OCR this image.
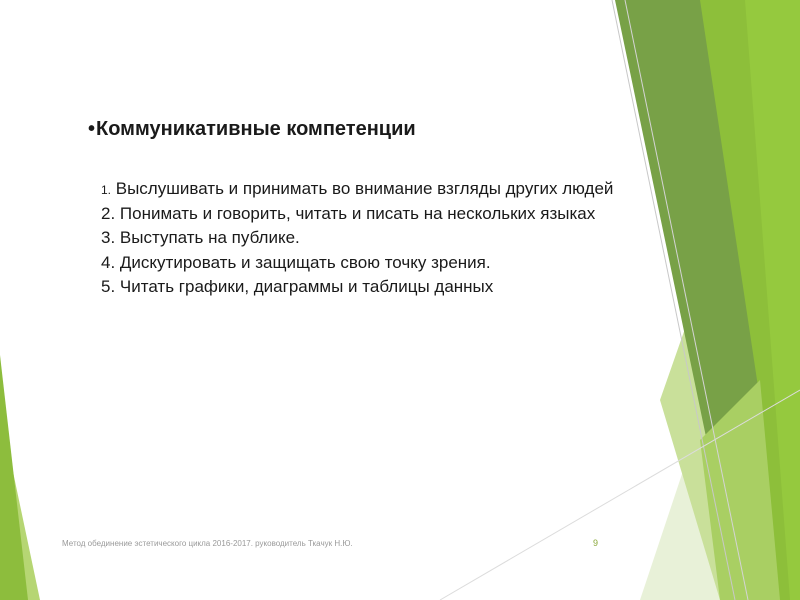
•Коммуникативные компетенции
1. Выслушивать и принимать во внимание взгляды других людей
2. Понимать и говорить, читать и писать на нескольких языках
3. Выступать на публике.
4. Дискутировать и защищать свою точку зрения.
5. Читать графики, диаграммы и таблицы данных
Метод обединение эстетического цикла 2016-2017. руководитель Ткачук Н.Ю.	9
